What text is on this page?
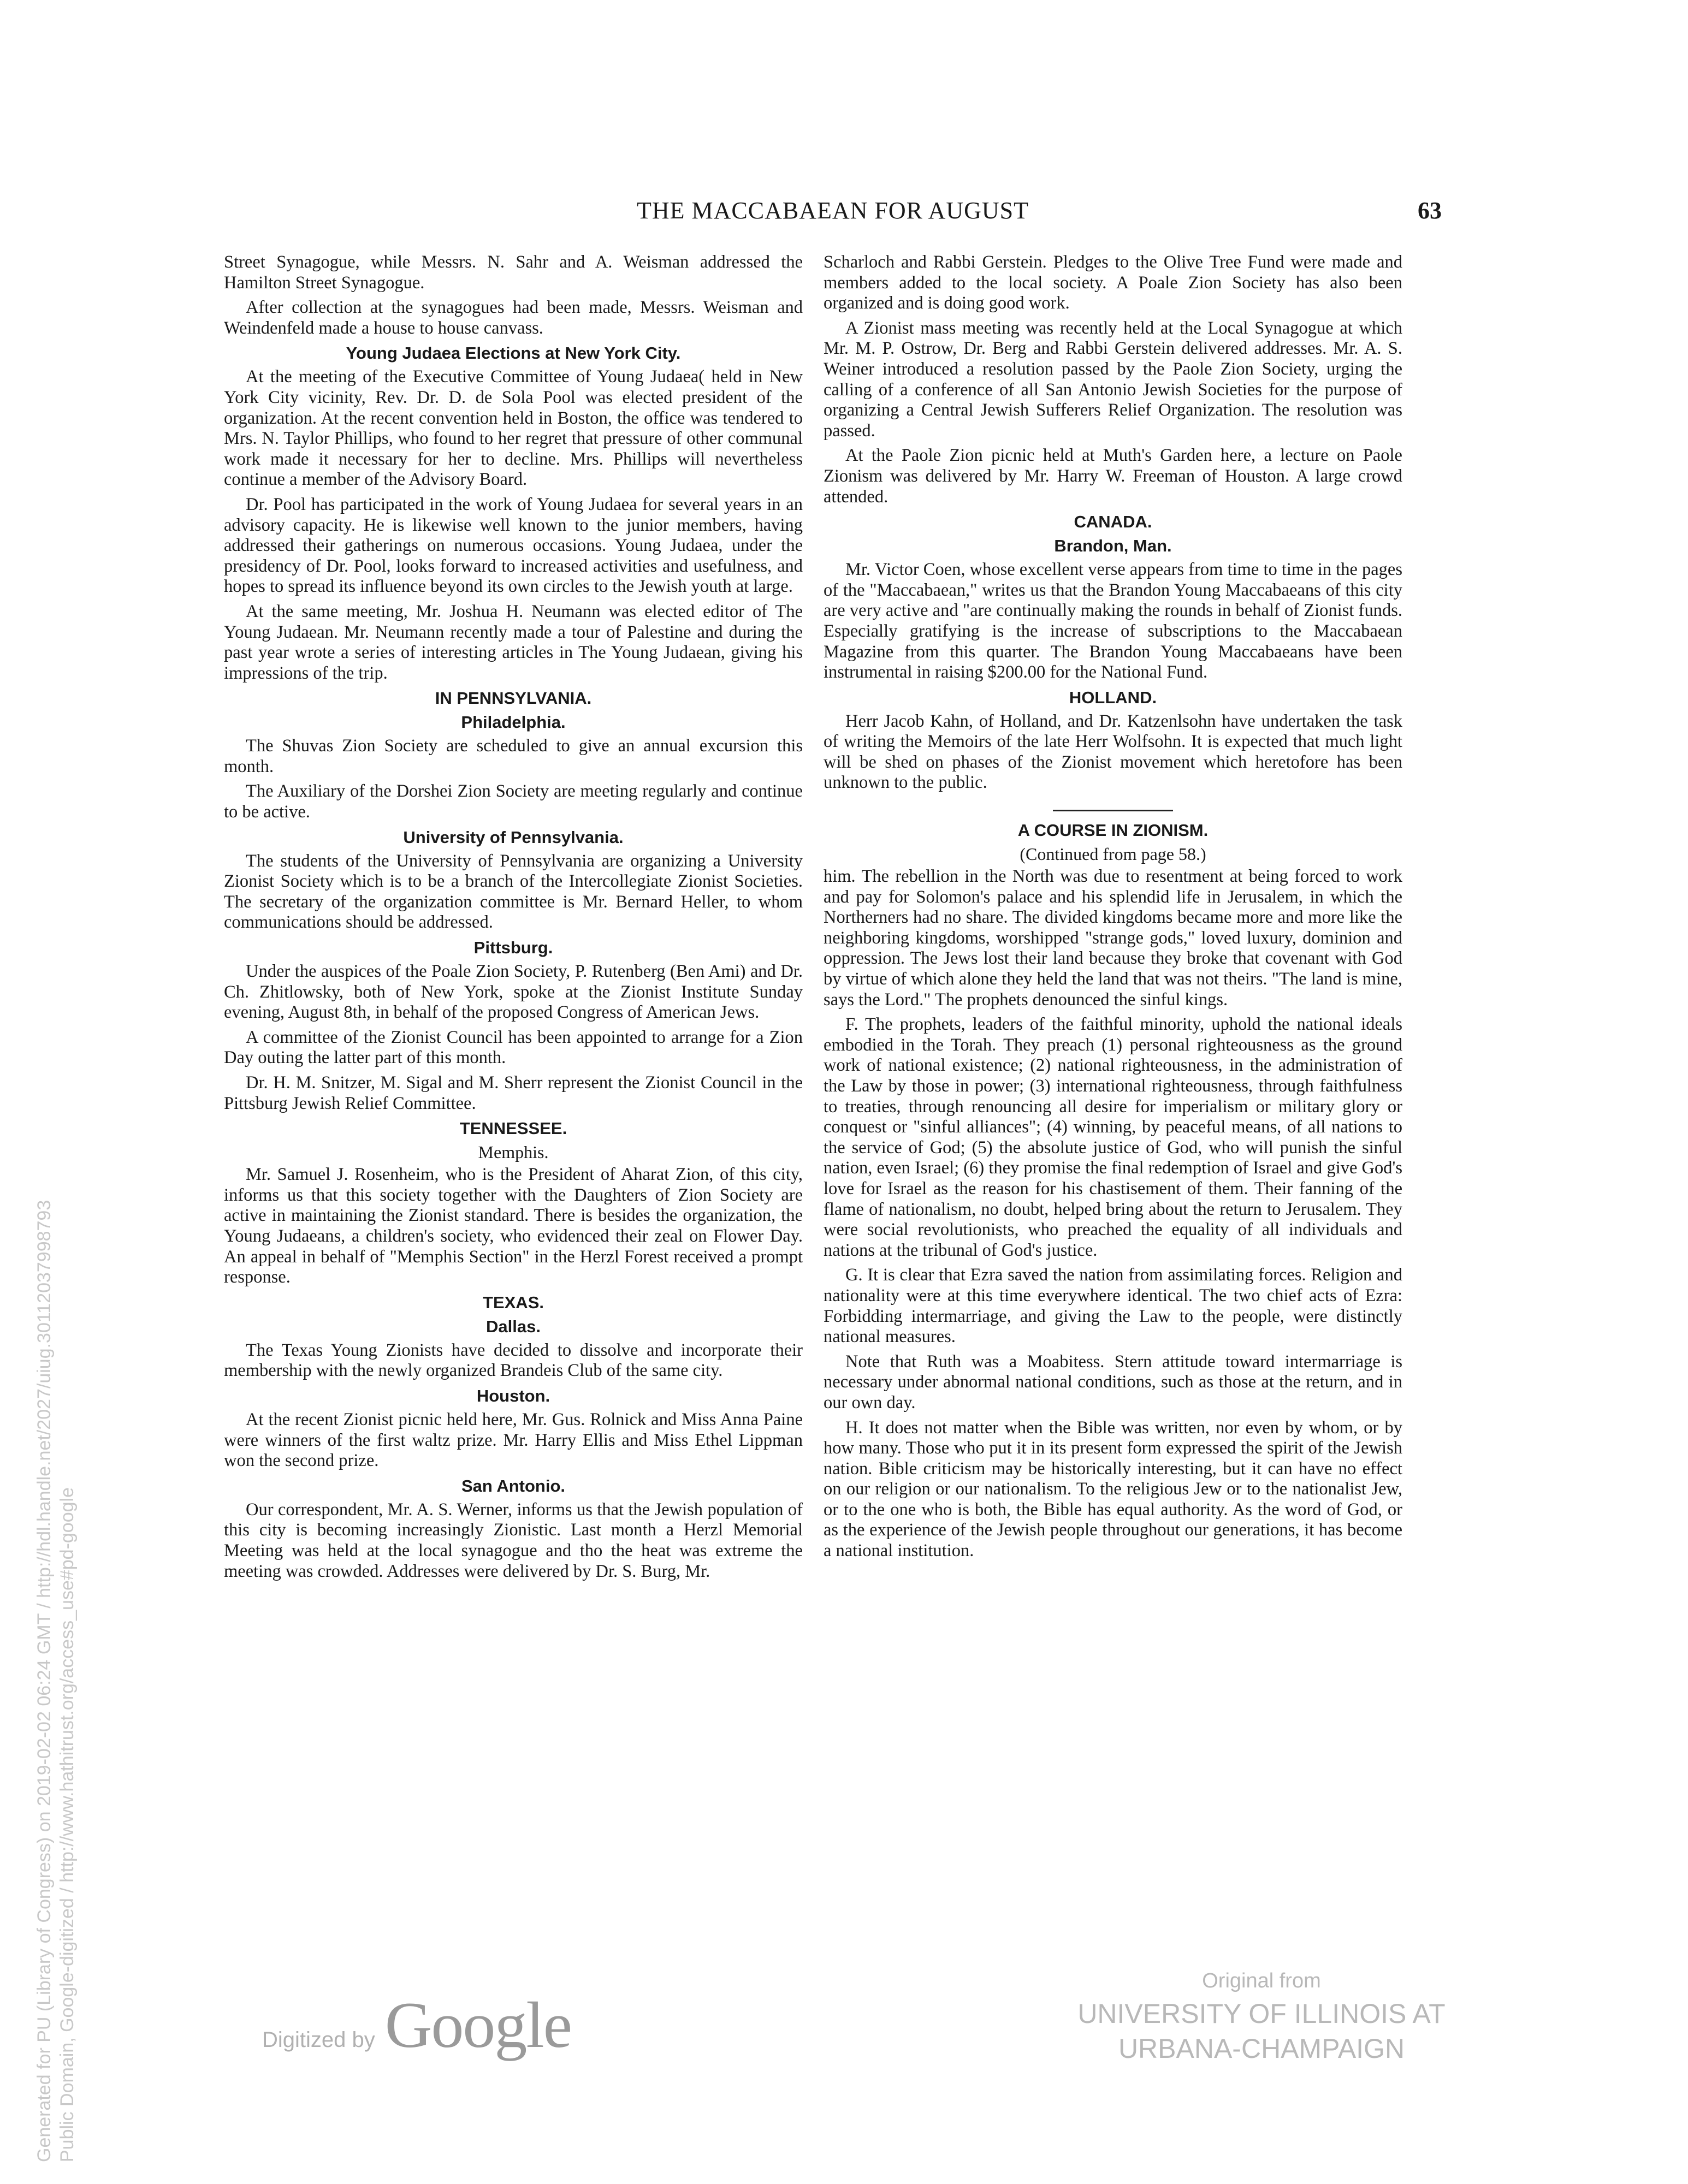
THE MACCABAEAN FOR AUGUST	63

Street Synagogue, while Messrs. N. Sahr and A. Weisman addressed the Hamilton Street Synagogue.

After collection at the synagogues had been made, Messrs. Weisman and Weindenfeld made a house to house canvass.

Young Judaea Elections at New York City.

At the meeting of the Executive Committee of Young Judaea( held in New York City vicinity, Rev. Dr. D. de Sola Pool was elected president of the organization. At the recent convention held in Boston, the office was tendered to Mrs. N. Taylor Phillips, who found to her regret that pressure of other communal work made it necessary for her to decline. Mrs. Phillips will nevertheless continue a member of the Advisory Board.

Dr. Pool has participated in the work of Young Judaea for several years in an advisory capacity. He is likewise well known to the junior members, having addressed their gatherings on numerous occasions. Young Judaea, under the presidency of Dr. Pool, looks forward to increased activities and usefulness, and hopes to spread its influence beyond its own circles to the Jewish youth at large.

At the same meeting, Mr. Joshua H. Neumann was elected editor of The Young Judaean. Mr. Neumann recently made a tour of Palestine and during the past year wrote a series of interesting articles in The Young Judaean, giving his impressions of the trip.

IN PENNSYLVANIA.
Philadelphia.

The Shuvas Zion Society are scheduled to give an annual excursion this month.

The Auxiliary of the Dorshei Zion Society are meeting regularly and continue to be active.

University of Pennsylvania.

The students of the University of Pennsylvania are organizing a University Zionist Society which is to be a branch of the Intercollegiate Zionist Societies. The secretary of the organization committee is Mr. Bernard Heller, to whom communications should be addressed.

Pittsburg.

Under the auspices of the Poale Zion Society, P. Rutenberg (Ben Ami) and Dr. Ch. Zhitlowsky, both of New York, spoke at the Zionist Institute Sunday evening, August 8th, in behalf of the proposed Congress of American Jews.

A committee of the Zionist Council has been appointed to arrange for a Zion Day outing the latter part of this month.

Dr. H. M. Snitzer, M. Sigal and M. Sherr represent the Zionist Council in the Pittsburg Jewish Relief Committee.

TENNESSEE.
Memphis.

Mr. Samuel J. Rosenheim, who is the President of Aharat Zion, of this city, informs us that this society together with the Daughters of Zion Society are active in maintaining the Zionist standard. There is besides the organization, the Young Judaeans, a children's society, who evidenced their zeal on Flower Day. An appeal in behalf of "Memphis Section" in the Herzl Forest received a prompt response.

TEXAS.
Dallas.

The Texas Young Zionists have decided to dissolve and incorporate their membership with the newly organized Brandeis Club of the same city.

Houston.

At the recent Zionist picnic held here, Mr. Gus. Rolnick and Miss Anna Paine were winners of the first waltz prize. Mr. Harry Ellis and Miss Ethel Lippman won the second prize.

San Antonio.

Our correspondent, Mr. A. S. Werner, informs us that the Jewish population of this city is becoming increasingly Zionistic. Last month a Herzl Memorial Meeting was held at the local synagogue and tho the heat was extreme the meeting was crowded. Addresses were delivered by Dr. S. Burg, Mr.

Scharloch and Rabbi Gerstein. Pledges to the Olive Tree Fund were made and members added to the local society. A Poale Zion Society has also been organized and is doing good work.

A Zionist mass meeting was recently held at the Local Synagogue at which Mr. M. P. Ostrow, Dr. Berg and Rabbi Gerstein delivered addresses. Mr. A. S. Weiner introduced a resolution passed by the Paole Zion Society, urging the calling of a conference of all San Antonio Jewish Societies for the purpose of organizing a Central Jewish Sufferers Relief Organization. The resolution was passed.

At the Paole Zion picnic held at Muth's Garden here, a lecture on Paole Zionism was delivered by Mr. Harry W. Freeman of Houston. A large crowd attended.

CANADA.
Brandon, Man.

Mr. Victor Coen, whose excellent verse appears from time to time in the pages of the "Maccabaean," writes us that the Brandon Young Maccabaeans of this city are very active and "are continually making the rounds in behalf of Zionist funds. Especially gratifying is the increase of subscriptions to the Maccabaean Magazine from this quarter. The Brandon Young Maccabaeans have been instrumental in raising $200.00 for the National Fund.

HOLLAND.

Herr Jacob Kahn, of Holland, and Dr. Katzenlsohn have undertaken the task of writing the Memoirs of the late Herr Wolfsohn. It is expected that much light will be shed on phases of the Zionist movement which heretofore has been unknown to the public.

A COURSE IN ZIONISM.
(Continued from page 58.)

him. The rebellion in the North was due to resentment at being forced to work and pay for Solomon's palace and his splendid life in Jerusalem, in which the Northerners had no share. The divided kingdoms became more and more like the neighboring kingdoms, worshipped "strange gods," loved luxury, dominion and oppression. The Jews lost their land because they broke that covenant with God by virtue of which alone they held the land that was not theirs. "The land is mine, says the Lord." The prophets denounced the sinful kings.

F. The prophets, leaders of the faithful minority, uphold the national ideals embodied in the Torah. They preach (1) personal righteousness as the ground work of national existence; (2) national righteousness, in the administration of the Law by those in power; (3) international righteousness, through faithfulness to treaties, through renouncing all desire for imperialism or military glory or conquest or "sinful alliances"; (4) winning, by peaceful means, of all nations to the service of God; (5) the absolute justice of God, who will punish the sinful nation, even Israel; (6) they promise the final redemption of Israel and give God's love for Israel as the reason for his chastisement of them. Their fanning of the flame of nationalism, no doubt, helped bring about the return to Jerusalem. They were social revolutionists, who preached the equality of all individuals and nations at the tribunal of God's justice.

G. It is clear that Ezra saved the nation from assimilating forces. Religion and nationality were at this time everywhere identical. The two chief acts of Ezra: Forbidding intermarriage, and giving the Law to the people, were distinctly national measures.

Note that Ruth was a Moabitess. Stern attitude toward intermarriage is necessary under abnormal national conditions, such as those at the return, and in our own day.

H. It does not matter when the Bible was written, nor even by whom, or by how many. Those who put it in its present form expressed the spirit of the Jewish nation. Bible criticism may be historically interesting, but it can have no effect on our religion or our nationalism. To the religious Jew or to the nationalist Jew, or to the one who is both, the Bible has equal authority. As the word of God, or as the experience of the Jewish people throughout our generations, it has become a national institution.

Generated for PU (Library of Congress) on 2019-02-02 06:24 GMT / http://hdl.handle.net/2027/uiug.30112037998793 Public Domain, Google-digitized / http://www.hathitrust.org/access_use#pd-google	Digitized by Google
Original from
UNIVERSITY OF ILLINOIS AT
URBANA-CHAMPAIGN
